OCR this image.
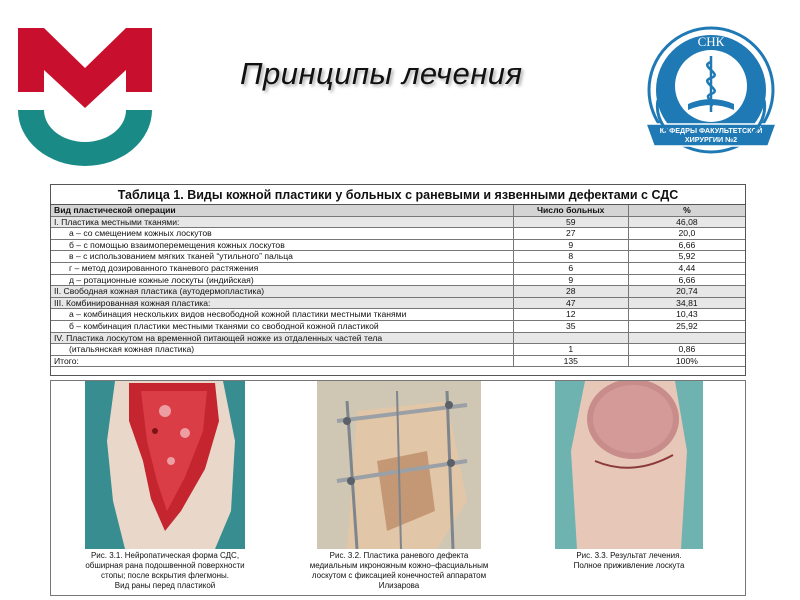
Принципы лечения
СНК
КАФЕДРЫ ФАКУЛЬТЕТСКОЙ
ХИРУРГИИ №2
Таблица 1. Виды кожной пластики у больных с раневыми и язвенными дефектами с СДС
Вид пластической операции	Число больных	%
I. Пластика местными тканями:	59	46,08
а – со смещением кожных лоскутов	27	20,0
б – с помощью взаимоперемещения кожных лоскутов	9	6,66
в – с использованием мягких тканей “утильного” пальца	8	5,92
г – метод дозированного тканевого растяжения	6	4,44
д – ротационные кожные лоскуты (индийская)	9	6,66
II. Свободная кожная пластика (аутодермопластика)	28	20,74
III. Комбинированная кожная пластика:	47	34,81
а – комбинация нескольких видов несвободной кожной пластики местными тканями	12	10,43
б – комбинация пластики местными тканями со свободной кожной пластикой	35	25,92
IV. Пластика лоскутом на временной питающей ножке из отдаленных частей тела		
(итальянская кожная пластика)	1	0,86
Итого:	135	100%
Рис. 3.1. Нейропатическая форма СДС,
обширная рана подошвенной поверхности
стопы; после вскрытия флегмоны.
Вид раны перед пластикой
Рис. 3.2. Пластика раневого дефекта
медиальным икроножным кожно–фасциальным
лоскутом с фиксацией конечностей аппаратом
Илизарова
Рис. 3.3. Результат лечения.
Полное приживление лоскута
